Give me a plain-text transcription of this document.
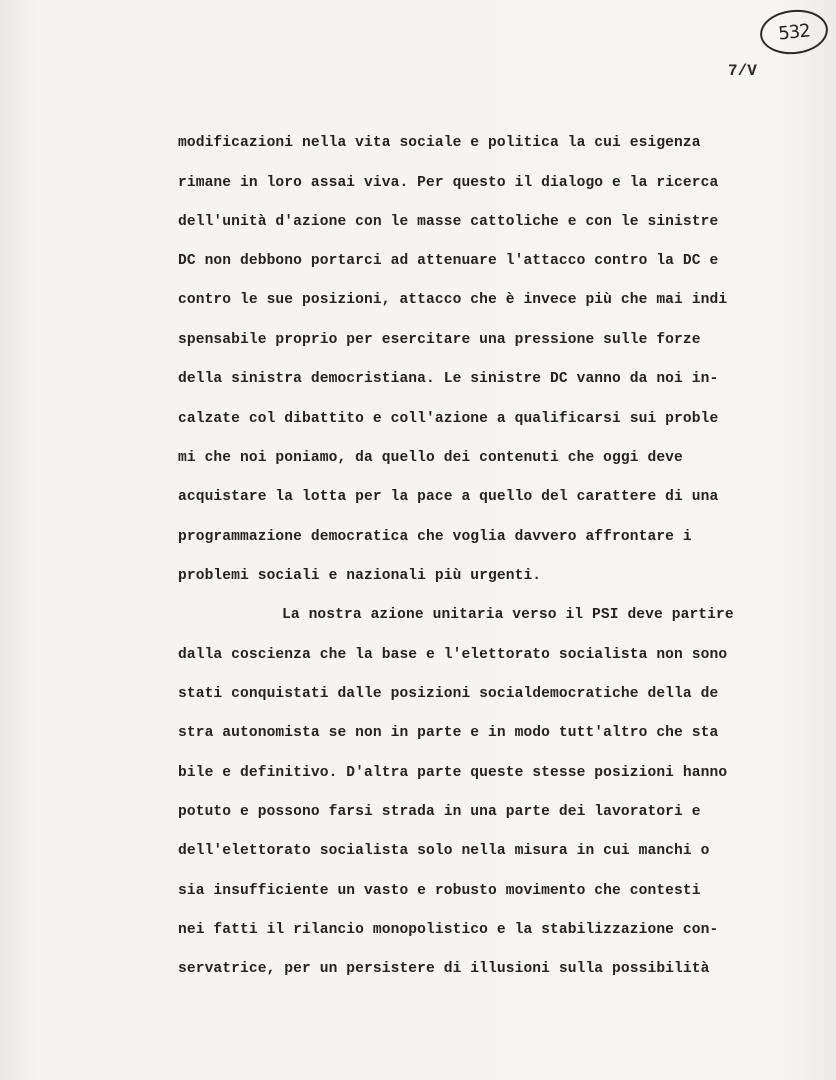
532
7/V
modificazioni nella vita sociale e politica la cui esigenza
rimane in loro assai viva. Per questo il dialogo e la ricerca
dell'unità d'azione con le masse cattoliche e con le sinistre
DC non debbono portarci ad attenuare l'attacco contro la DC e
contro le sue posizioni, attacco che è invece più che mai indi
spensabile proprio per esercitare una pressione sulle forze
della sinistra democristiana. Le sinistre DC vanno da noi in-
calzate col dibattito e coll'azione a qualificarsi sui proble
mi che noi poniamo, da quello dei contenuti che oggi deve
acquistare la lotta per la pace a quello del carattere di una
programmazione democratica che voglia davvero affrontare i
problemi sociali e nazionali più urgenti.
La nostra azione unitaria verso il PSI deve partire
dalla coscienza che la base e l'elettorato socialista non sono
stati conquistati dalle posizioni socialdemocratiche della de
stra autonomista se non in parte e in modo tutt'altro che sta
bile e definitivo. D'altra parte queste stesse posizioni hanno
potuto e possono farsi strada in una parte dei lavoratori e
dell'elettorato socialista solo nella misura in cui manchi o
sia insufficiente un vasto e robusto movimento che contesti
nei fatti il rilancio monopolistico e la stabilizzazione con-
servatrice, per un persistere di illusioni sulla possibilità
